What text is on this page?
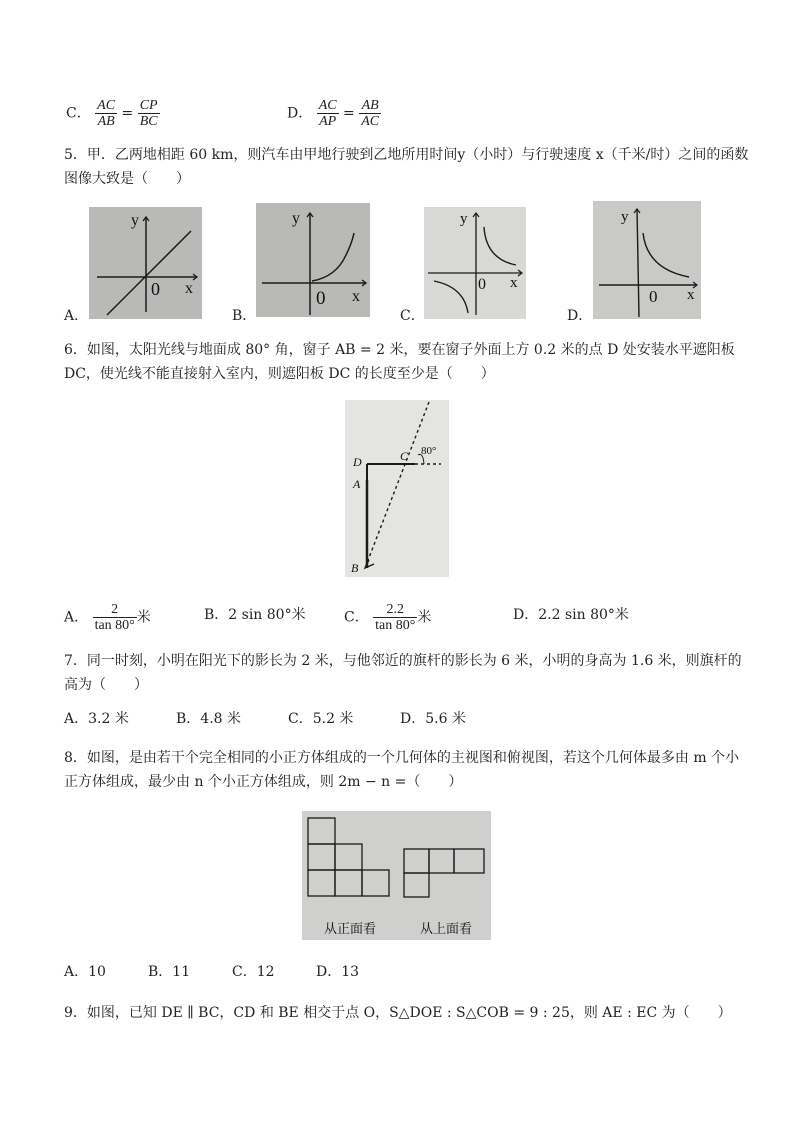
C． $\frac{AC}{AB} = \frac{CP}{BC}$	D． $\frac{AC}{AP} = \frac{AB}{AC}$
5．甲．乙两地相距 60 km，则汽车由甲地行驶到乙地所用时间y（小时）与行驶速度 x（千米/时）之间的函数
图像大致是（　　）
y
x
0
A．
y
x
0
B．
y
x
0
C．
y
x
0
D．
6．如图，太阳光线与地面成 80° 角，窗子 AB = 2 米，要在窗子外面上方 0.2 米的点 D 处安装水平遮阳板
DC，使光线不能直接射入室内，则遮阳板 DC 的长度至少是（　　）
D	C
A
B
80°
A． $\frac{2}{\tan 80^\circ}$ 米	B．2 sin 80°米	C． $\frac{2.2}{\tan 80^\circ}$ 米	D．2.2 sin 80°米
7．同一时刻，小明在阳光下的影长为 2 米，与他邻近的旗杆的影长为 6 米，小明的身高为 1.6 米，则旗杆的
高为（　　）
A．3.2 米	B．4.8 米	C．5.2 米	D．5.6 米
8．如图，是由若干个完全相同的小正方体组成的一个几何体的主视图和俯视图，若这个几何体最多由 m 个小
正方体组成，最少由 n 个小正方体组成，则 2m − n =（　　）
从正面看	从上面看
A．10	B．11	C．12	D．13
9．如图，已知 DE ∥ BC，CD 和 BE 相交于点 O，S△DOE : S△COB = 9 : 25，则 AE : EC 为（　　）
